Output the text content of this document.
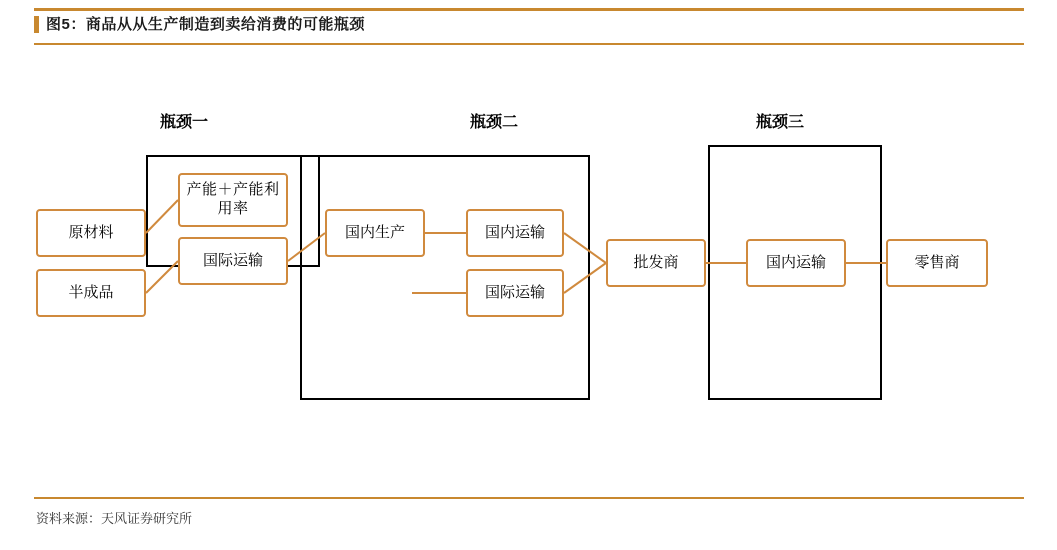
图5：商品从从生产制造到卖给消费的可能瓶颈
瓶颈一	瓶颈二	瓶颈三
原材料
半成品
产能＋产能利用率
国际运输
国内生产	国内运输
国际运输
批发商	国内运输	零售商
资料来源：天风证券研究所
